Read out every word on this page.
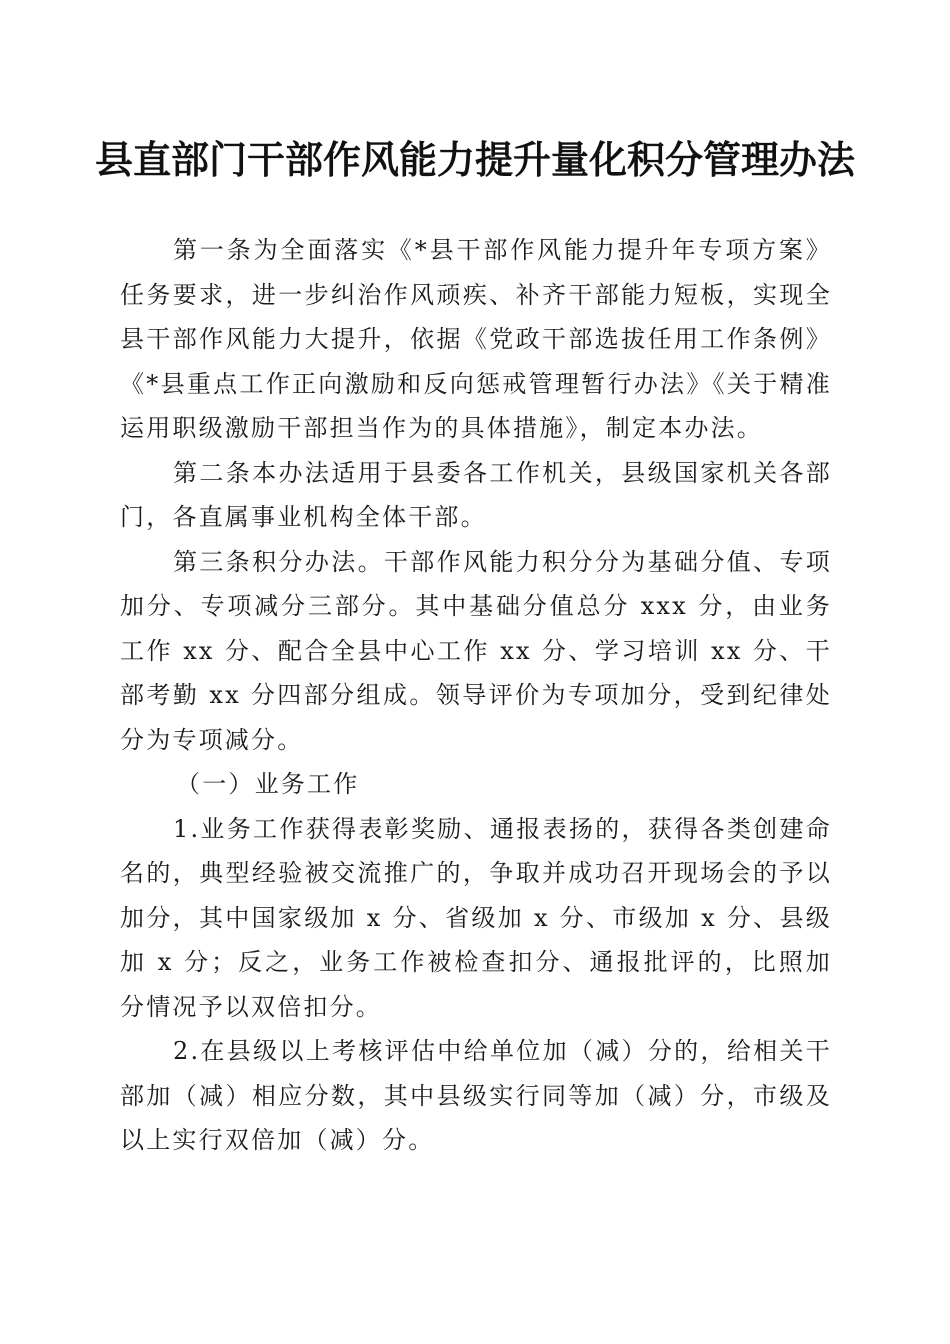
县直部门干部作风能力提升量化积分管理办法

第一条为全面落实《*县干部作风能力提升年专项方案》任务要求，进一步纠治作风顽疾、补齐干部能力短板，实现全县干部作风能力大提升，依据《党政干部选拔任用工作条例》《*县重点工作正向激励和反向惩戒管理暂行办法》《关于精准运用职级激励干部担当作为的具体措施》，制定本办法。

第二条本办法适用于县委各工作机关，县级国家机关各部门，各直属事业机构全体干部。

第三条积分办法。干部作风能力积分分为基础分值、专项加分、专项减分三部分。其中基础分值总分 xxx 分，由业务工作 xx 分、配合全县中心工作 xx 分、学习培训 xx 分、干部考勤 xx 分四部分组成。领导评价为专项加分，受到纪律处分为专项减分。

（一）业务工作

1.业务工作获得表彰奖励、通报表扬的，获得各类创建命名的，典型经验被交流推广的，争取并成功召开现场会的予以加分，其中国家级加 x 分、省级加 x 分、市级加 x 分、县级加 x 分；反之，业务工作被检查扣分、通报批评的，比照加分情况予以双倍扣分。

2.在县级以上考核评估中给单位加（减）分的，给相关干部加（减）相应分数，其中县级实行同等加（减）分，市级及以上实行双倍加（减）分。
